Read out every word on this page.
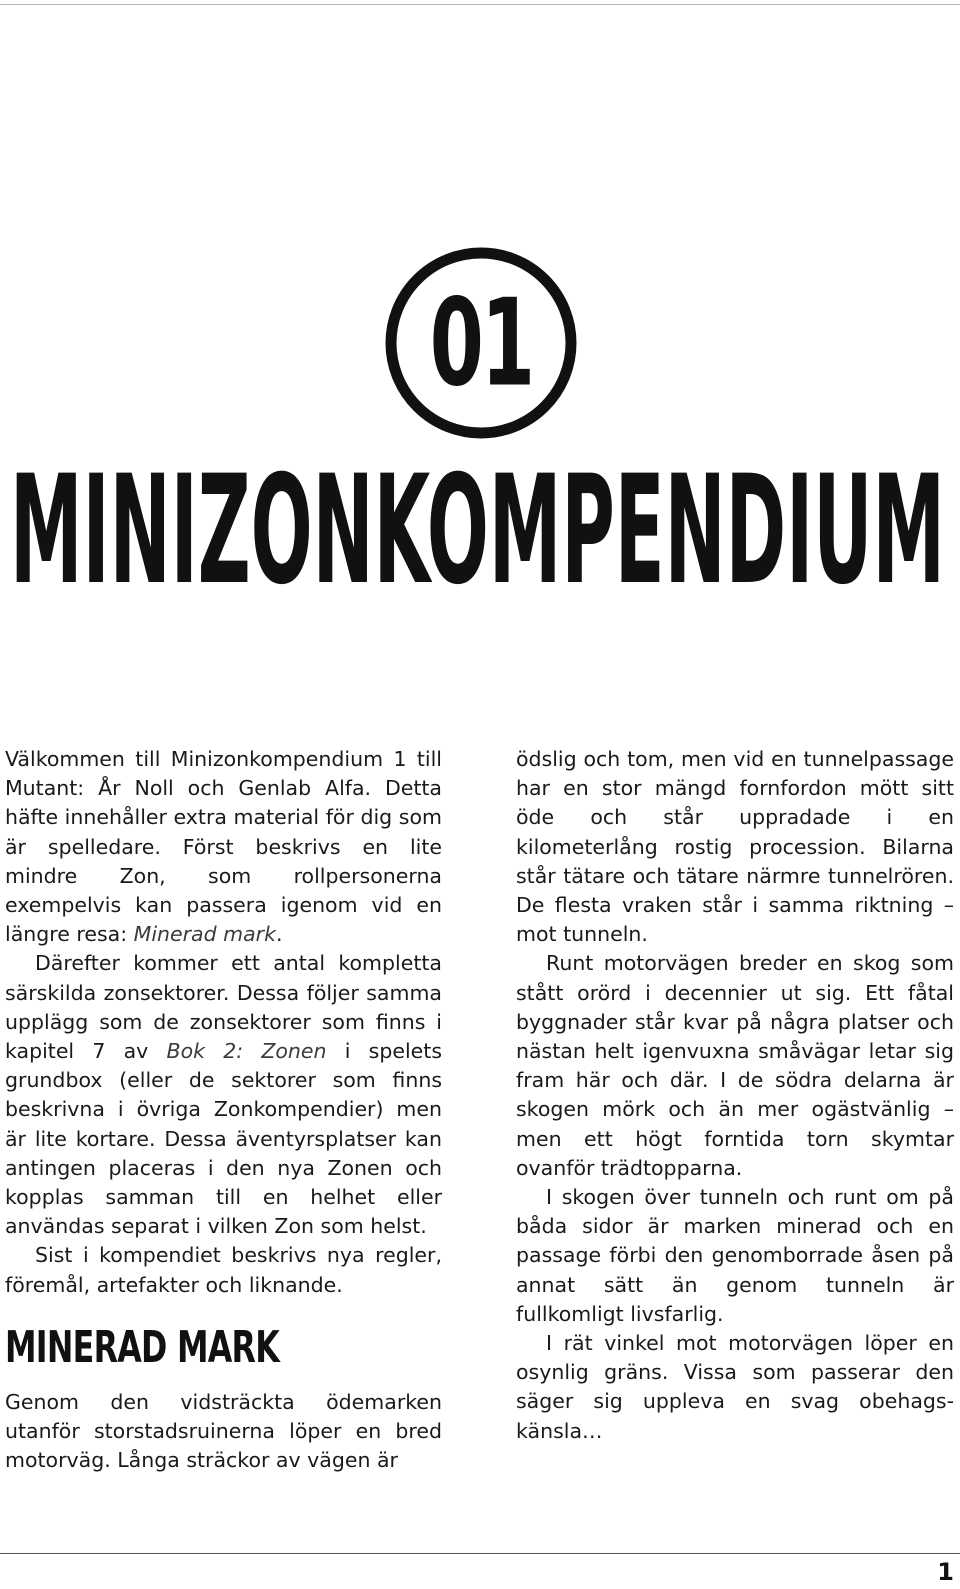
01
MINIZONKOMPENDIUM

Välkommen till Minizonkompendium 1 till Mutant: År Noll och Genlab Alfa. Detta häfte innehåller extra material för dig som är spelledare. Först beskrivs en lite mindre Zon, som rollpersonerna exempelvis kan passera igenom vid en längre resa: Minerad mark.

Därefter kommer ett antal kompletta särskilda zonsektorer. Dessa följer samma upplägg som de zonsektorer som finns i kapitel 7 av Bok 2: Zonen i spelets grundbox (eller de sektorer som finns beskrivna i övriga Zonkompendier) men är lite kortare. Dessa äventyrsplatser kan antingen placeras i den nya Zonen och kopplas samman till en helhet eller användas separat i vilken Zon som helst.

Sist i kompendiet beskrivs nya regler, föremål, artefakter och liknande.

MINERAD MARK

Genom den vidsträckta ödemarken utanför storstadsruinerna löper en bred motorväg. Långa sträckor av vägen är

ödslig och tom, men vid en tunnelpassage har en stor mängd fornfordon mött sitt öde och står uppradade i en kilometerlång rostig procession. Bilarna står tätare och tätare närmre tunnelrören. De flesta vraken står i samma riktning – mot tunneln.

Runt motorvägen breder en skog som stått orörd i decennier ut sig. Ett fåtal byggnader står kvar på några platser och nästan helt igenvuxna småvägar letar sig fram här och där. I de södra delarna är skogen mörk och än mer ogästvänlig – men ett högt forntida torn skymtar ovanför trädtopparna.

I skogen över tunneln och runt om på båda sidor är marken minerad och en passage förbi den genomborrade åsen på annat sätt än genom tunneln är fullkomligt livsfarlig.

I rät vinkel mot motorvägen löper en osynlig gräns. Vissa som passerar den säger sig uppleva en svag obehagskänsla…

1
